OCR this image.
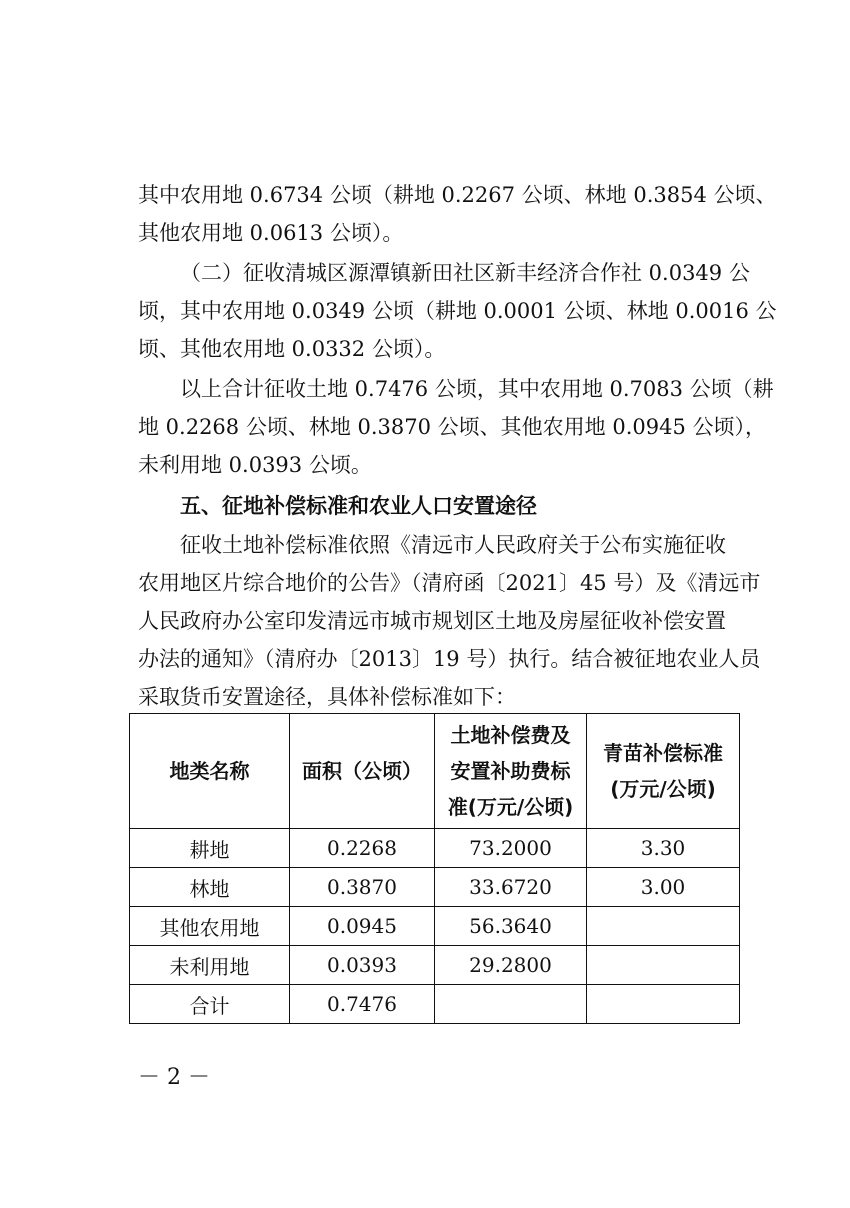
其中农用地 0.6734 公顷（耕地 0.2267 公顷、林地 0.3854 公顷、
其他农用地 0.0613 公顷）。
（二）征收清城区源潭镇新田社区新丰经济合作社 0.0349 公
顷，其中农用地 0.0349 公顷（耕地 0.0001 公顷、林地 0.0016 公
顷、其他农用地 0.0332 公顷）。
以上合计征收土地 0.7476 公顷，其中农用地 0.7083 公顷（耕
地 0.2268 公顷、林地 0.3870 公顷、其他农用地 0.0945 公顷），
未利用地 0.0393 公顷。
五、征地补偿标准和农业人口安置途径
征收土地补偿标准依照《清远市人民政府关于公布实施征收
农用地区片综合地价的公告》（清府函〔2021〕45 号）及《清远市
人民政府办公室印发清远市城市规划区土地及房屋征收补偿安置
办法的通知》（清府办〔2013〕19 号）执行。结合被征地农业人员
采取货币安置途径，具体补偿标准如下：
地类名称	面积（公顷）	土地补偿费及
安置补助费标
准(万元/公顷)	青苗补偿标准
(万元/公顷)

耕地	0.2268	73.2000	3.30
林地	0.3870	33.6720	3.00
其他农用地	0.0945	56.3640	
未利用地	0.0393	29.2800	
合计	0.7476		
－ 2 －
